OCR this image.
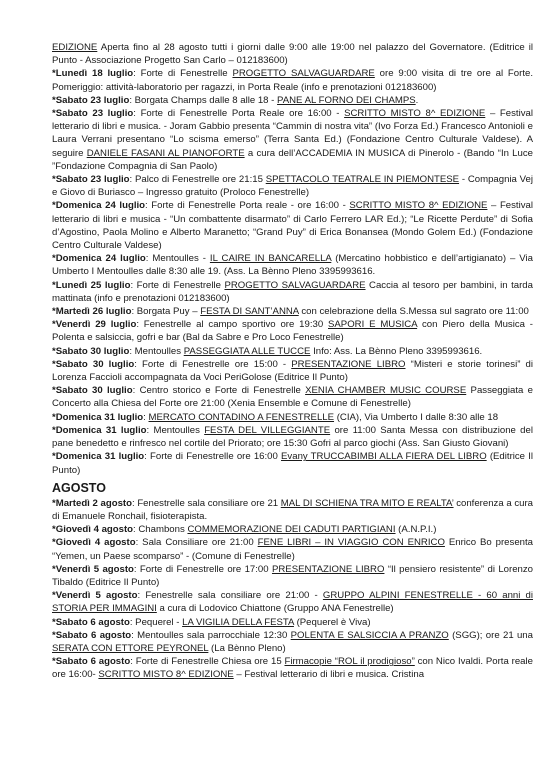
EDIZIONE Aperta fino al 28 agosto tutti i giorni dalle 9:00 alle 19:00 nel palazzo del Governatore. (Editrice il Punto - Associazione Progetto San Carlo – 012183600)

*Lunedì 18 luglio: Forte di Fenestrelle PROGETTO SALVAGUARDARE ore 9:00 visita di tre ore al Forte. Pomeriggio: attività-laboratorio per ragazzi, in Porta Reale (info e prenotazioni 012183600)

*Sabato 23 luglio: Borgata Champs dalle 8 alle 18 - PANE AL FORNO DEI CHAMPS.

*Sabato 23 luglio: Forte di Fenestrelle Porta Reale ore 16:00 - SCRITTO MISTO 8^ EDIZIONE – Festival letterario di libri e musica. - Joram Gabbio presenta “Cammin di nostra vita” (Ivo Forza Ed.) Francesco Antonioli e Laura Verrani presentano “Lo scisma emerso” (Terra Santa Ed.) (Fondazione Centro Culturale Valdese). A seguire DANIELE FASANI AL PIANOFORTE a cura dell’ACCADEMIA IN MUSICA di Pinerolo - (Bando “In Luce ”Fondazione Compagnia di San Paolo)

*Sabato 23 luglio: Palco di Fenestrelle ore 21:15 SPETTACOLO TEATRALE IN PIEMONTESE - Compagnia Vej e Giovo di Buriasco – Ingresso gratuito (Proloco Fenestrelle)

*Domenica 24 luglio: Forte di Fenestrelle Porta reale - ore 16:00 - SCRITTO MISTO 8^ EDIZIONE – Festival letterario di libri e musica - “Un combattente disarmato” di Carlo Ferrero LAR Ed.); “Le Ricette Perdute” di Sofia d’Agostino, Paola Molino e Alberto Maranetto; “Grand Puy” di Erica Bonansea (Mondo Golem Ed.) (Fondazione Centro Culturale Valdese)

*Domenica 24 luglio: Mentoulles - IL CAIRE IN BANCARELLA (Mercatino hobbistico e dell’artigianato) – Via Umberto I Mentoulles dalle 8:30 alle 19. (Ass. La Bènno Pleno 3395993616.

*Lunedì 25 luglio: Forte di Fenestrelle PROGETTO SALVAGUARDARE Caccia al tesoro per bambini, in tarda mattinata (info e prenotazioni 012183600)

*Martedì 26 luglio: Borgata Puy – FESTA DI SANT’ANNA con celebrazione della S.Messa sul sagrato ore 11:00

*Venerdì 29 luglio: Fenestrelle al campo sportivo ore 19:30 SAPORI E MUSICA con Piero della Musica - Polenta e salsiccia, gofri e bar (Bal da Sabre e Pro Loco Fenestrelle)

*Sabato 30 luglio: Mentoulles PASSEGGIATA ALLE TUCCE Info: Ass. La Bènno Pleno 3395993616.

*Sabato 30 luglio: Forte di Fenestrelle ore 15:00 - PRESENTAZIONE LIBRO “Misteri e storie torinesi” di Lorenza Faccioli accompagnata da Voci PeriGolose (Editrice Il Punto)

*Sabato 30 luglio: Centro storico e Forte di Fenestrelle XENIA CHAMBER MUSIC COURSE Passeggiata e Concerto alla Chiesa del Forte ore 21:00 (Xenia Ensemble e Comune di Fenestrelle)

*Domenica 31 luglio: MERCATO CONTADINO A FENESTRELLE (CIA), Via Umberto I dalle 8:30 alle 18

*Domenica 31 luglio: Mentoulles FESTA DEL VILLEGGIANTE ore 11:00 Santa Messa con distribuzione del pane benedetto e rinfresco nel cortile del Priorato; ore 15:30 Gofri al parco giochi (Ass. San Giusto Giovani)

*Domenica 31 luglio: Forte di Fenestrelle ore 16:00 Evany TRUCCABIMBI ALLA FIERA DEL LIBRO (Editrice Il Punto)

AGOSTO

*Martedì 2 agosto: Fenestrelle sala consiliare ore 21 MAL DI SCHIENA TRA MITO E REALTA’ conferenza a cura di Emanuele Ronchail, fisioterapista.

*Giovedì 4 agosto: Chambons COMMEMORAZIONE DEI CADUTI PARTIGIANI (A.N.P.I.)

*Giovedì 4 agosto: Sala Consiliare ore 21:00 FENE LIBRI – IN VIAGGIO CON ENRICO Enrico Bo presenta “Yemen, un Paese scomparso” - (Comune di Fenestrelle)

*Venerdì 5 agosto: Forte di Fenestrelle ore 17:00 PRESENTAZIONE LIBRO “Il pensiero resistente” di Lorenzo Tibaldo (Editrice Il Punto)

*Venerdì 5 agosto: Fenestrelle sala consiliare ore 21:00 - GRUPPO ALPINI FENESTRELLE - 60 anni di STORIA PER IMMAGINI a cura di Lodovico Chiattone (Gruppo ANA Fenestrelle)

*Sabato 6 agosto: Pequerel - LA VIGILIA DELLA FESTA (Pequerel è Viva)

*Sabato 6 agosto: Mentoulles sala parrocchiale 12:30 POLENTA E SALSICCIA A PRANZO (SGG); ore 21 una SERATA CON ETTORE PEYRONEL (La Bènno Pleno)

*Sabato 6 agosto: Forte di Fenestrelle Chiesa ore 15 Firmacopie “ROL il prodigioso” con Nico Ivaldi. Porta reale ore 16:00- SCRITTO MISTO 8^ EDIZIONE – Festival letterario di libri e musica. Cristina
